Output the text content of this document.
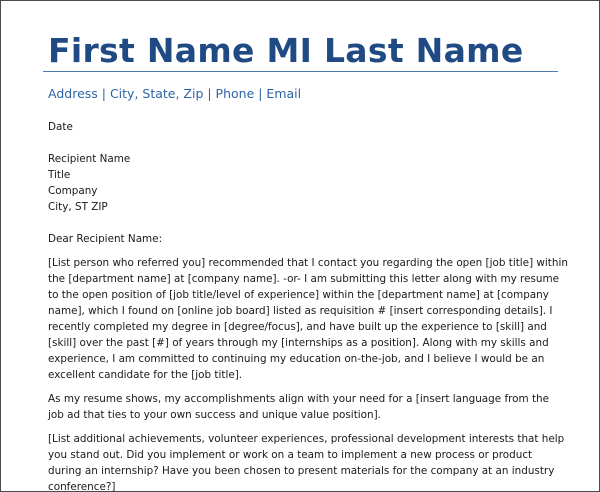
First Name MI Last Name
Address | City, State, Zip | Phone | Email

Date

Recipient Name
Title
Company
City, ST ZIP

Dear Recipient Name:

[List person who referred you] recommended that I contact you regarding the open [job title] within the [department name] at [company name]. -or- I am submitting this letter along with my resume to the open position of [job title/level of experience] within the [department name] at [company name], which I found on [online job board] listed as requisition # [insert corresponding details]. I recently completed my degree in [degree/focus], and have built up the experience to [skill] and [skill] over the past [#] of years through my [internships as a position]. Along with my skills and experience, I am committed to continuing my education on-the-job, and I believe I would be an excellent candidate for the [job title].

As my resume shows, my accomplishments align with your need for a [insert language from the job ad that ties to your own success and unique value position].

[List additional achievements, volunteer experiences, professional development interests that help you stand out. Did you implement or work on a team to implement a new process or product during an internship? Have you been chosen to present materials for the company at an industry conference?]
